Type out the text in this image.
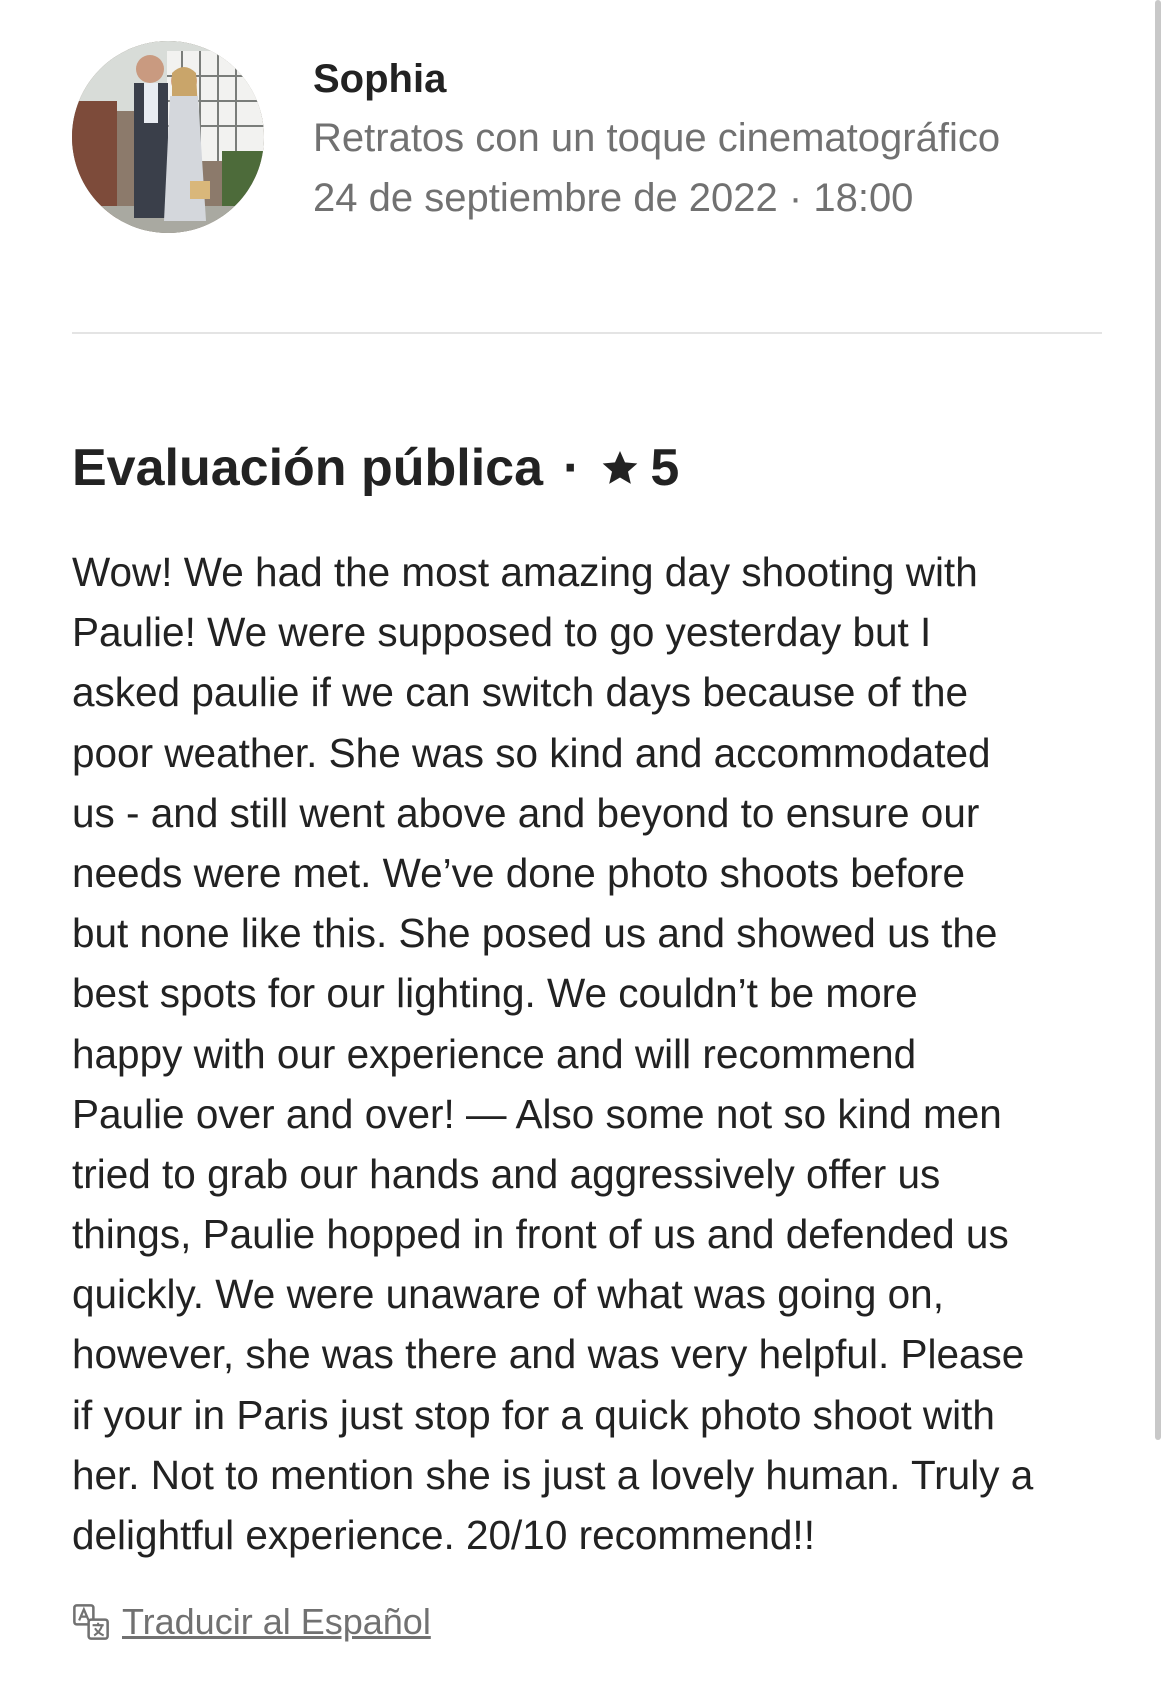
Sophia
Retratos con un toque cinematográfico
24 de septiembre de 2022 · 18:00
Evaluación pública · 5
Wow! We had the most amazing day shooting with
Paulie! We were supposed to go yesterday but I
asked paulie if we can switch days because of the
poor weather. She was so kind and accommodated
us - and still went above and beyond to ensure our
needs were met. We’ve done photo shoots before
but none like this. She posed us and showed us the
best spots for our lighting. We couldn’t be more
happy with our experience and will recommend
Paulie over and over! — Also some not so kind men
tried to grab our hands and aggressively offer us
things, Paulie hopped in front of us and defended us
quickly. We were unaware of what was going on,
however, she was there and was very helpful. Please
if your in Paris just stop for a quick photo shoot with
her. Not to mention she is just a lovely human. Truly a
delightful experience. 20/10 recommend!!
Traducir al Español
